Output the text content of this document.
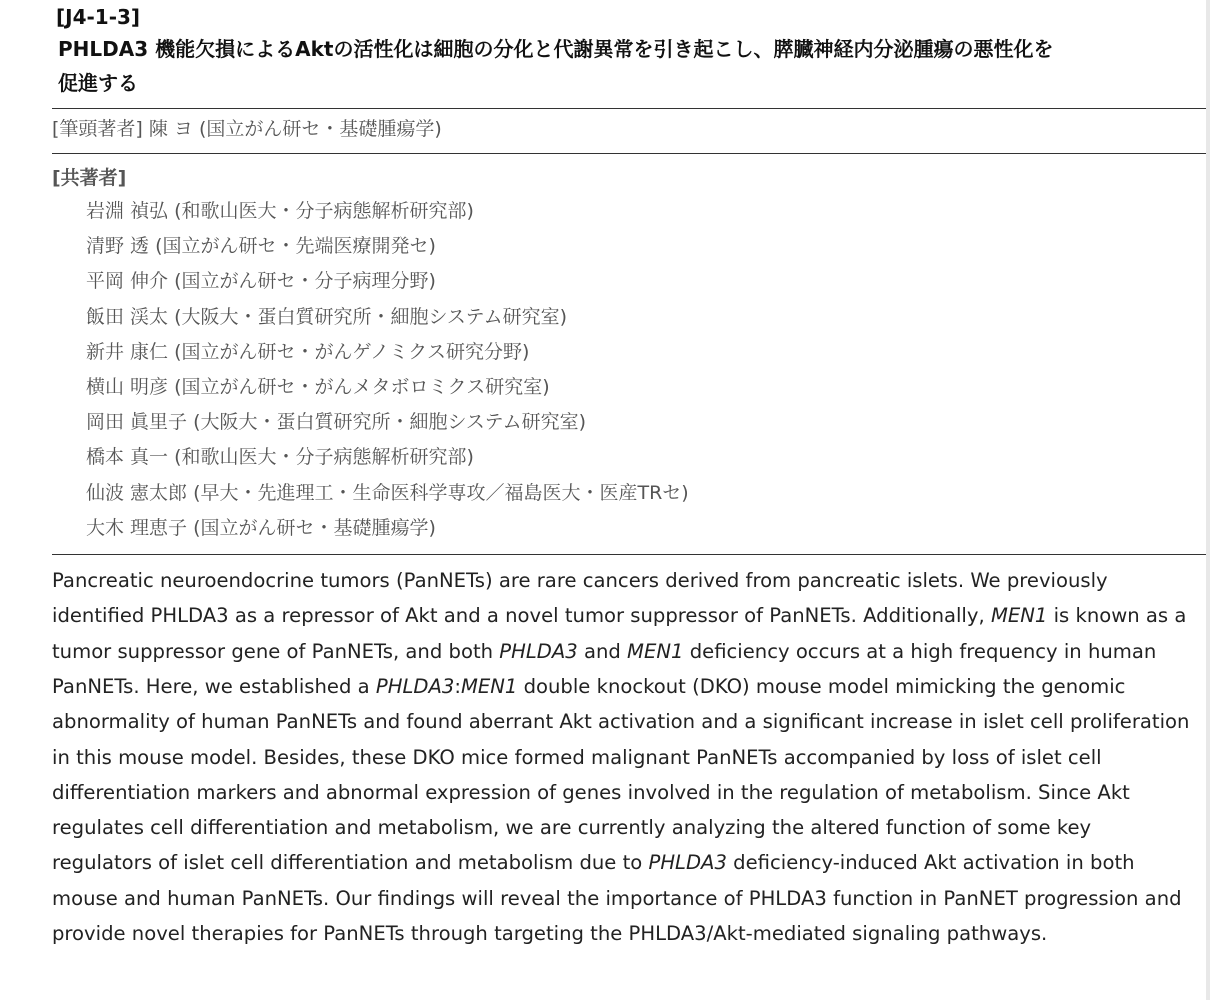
[J4-1-3]
PHLDA3 機能欠損によるAktの活性化は細胞の分化と代謝異常を引き起こし、膵臓神経内分泌腫瘍の悪性化を促進する
[筆頭著者] 陳 ヨ (国立がん研セ・基礎腫瘍学)
[共著者]
岩淵 禎弘 (和歌山医大・分子病態解析研究部)
清野 透 (国立がん研セ・先端医療開発セ)
平岡 伸介 (国立がん研セ・分子病理分野)
飯田 渓太 (大阪大・蛋白質研究所・細胞システム研究室)
新井 康仁 (国立がん研セ・がんゲノミクス研究分野)
横山 明彦 (国立がん研セ・がんメタボロミクス研究室)
岡田 眞里子 (大阪大・蛋白質研究所・細胞システム研究室)
橋本 真一 (和歌山医大・分子病態解析研究部)
仙波 憲太郎 (早大・先進理工・生命医科学専攻／福島医大・医産TRセ)
大木 理恵子 (国立がん研セ・基礎腫瘍学)

Pancreatic neuroendocrine tumors (PanNETs) are rare cancers derived from pancreatic islets. We previously identified PHLDA3 as a repressor of Akt and a novel tumor suppressor of PanNETs. Additionally, MEN1 is known as a tumor suppressor gene of PanNETs, and both PHLDA3 and MEN1 deficiency occurs at a high frequency in human PanNETs. Here, we established a PHLDA3:MEN1 double knockout (DKO) mouse model mimicking the genomic abnormality of human PanNETs and found aberrant Akt activation and a significant increase in islet cell proliferation in this mouse model. Besides, these DKO mice formed malignant PanNETs accompanied by loss of islet cell differentiation markers and abnormal expression of genes involved in the regulation of metabolism. Since Akt regulates cell differentiation and metabolism, we are currently analyzing the altered function of some key regulators of islet cell differentiation and metabolism due to PHLDA3 deficiency-induced Akt activation in both mouse and human PanNETs. Our findings will reveal the importance of PHLDA3 function in PanNET progression and provide novel therapies for PanNETs through targeting the PHLDA3/Akt-mediated signaling pathways.
